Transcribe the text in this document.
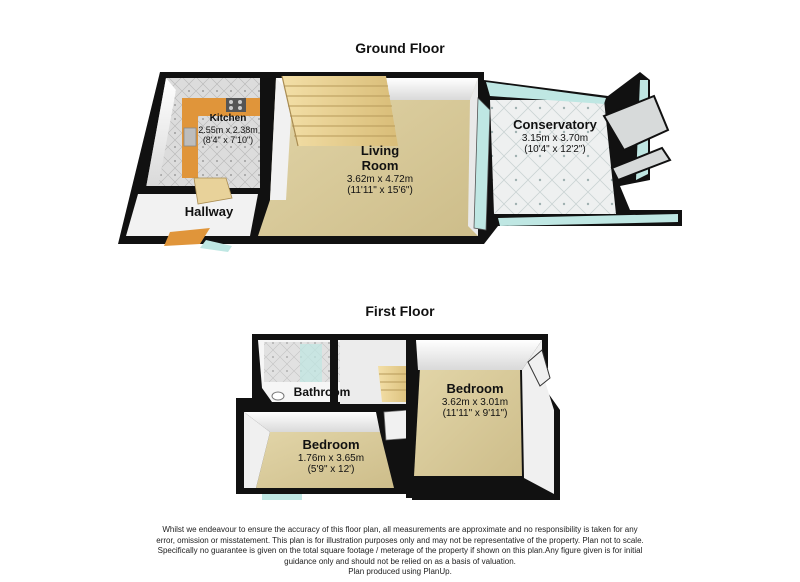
Ground Floor
First Floor
Kitchen
2.55m x 2.38m
(8'4" x 7'10")
Living
Room
3.62m x 4.72m
(11'11" x 15'6")
Conservatory
3.15m x 3.70m
(10'4" x 12'2")
Hallway
Bathroom	Bedroom
3.62m x 3.01m
(11'11" x 9'11")
Bedroom
1.76m x 3.65m
(5'9" x 12')
Whilst we endeavour to ensure the accuracy of this floor plan, all measurements are approximate and no responsibility is taken for any
error, omission or misstatement. This plan is for illustration purposes only and may not be representative of the property. Plan not to scale.
Specifically no guarantee is given on the total square footage / meterage of the property if shown on this plan.Any figure given is for initial
guidance only and should not be relied on as a basis of valuation.
Plan produced using PlanUp.
